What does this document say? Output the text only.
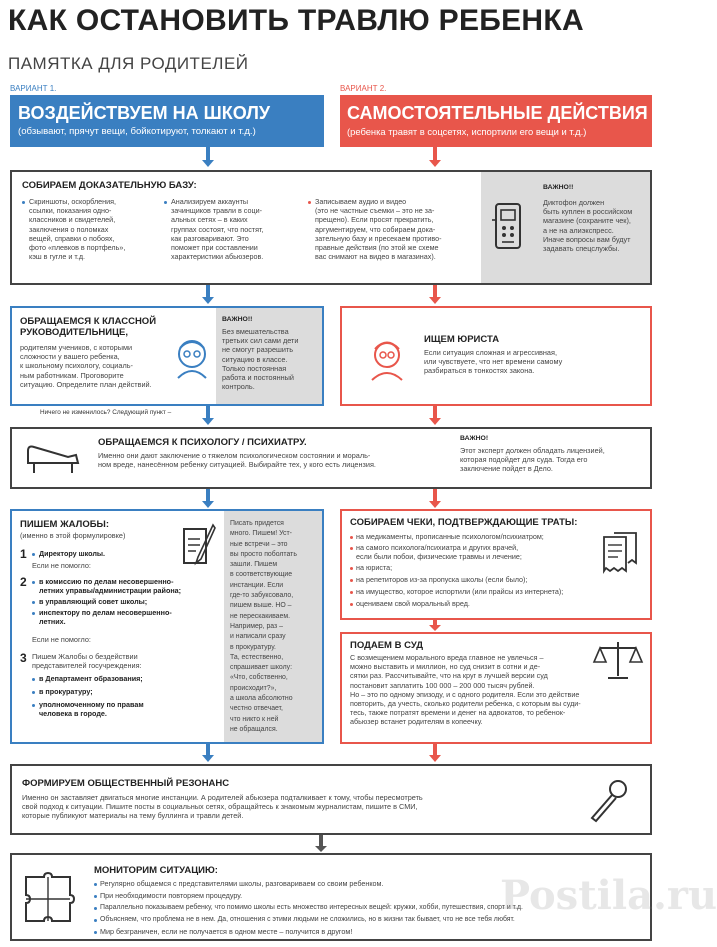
КАК ОСТАНОВИТЬ ТРАВЛЮ РЕБЕНКА
ПАМЯТКА ДЛЯ РОДИТЕЛЕЙ
ВАРИАНТ 1.
ВОЗДЕЙСТВУЕМ НА ШКОЛУ
(обзывают, прячут вещи, бойкотируют, толкают и т.д.)
ВАРИАНТ 2.
САМОСТОЯТЕЛЬНЫЕ ДЕЙСТВИЯ
(ребенка травят в соцсетях, испортили его вещи и т.д.)
СОБИРАЕМ ДОКАЗАТЕЛЬНУЮ БАЗУ:
Скриншоты, оскорбления,
ссылки, показания одно-
классников и свидетелей,
заключения о поломках
вещей, справки о побоях,
фото «плевков в портфель»,
кэш в гугле и т.д.
Анализируем аккаунты
зачинщиков травли в соци-
альных сетях – в каких
группах состоят, что постят,
как разговаривают. Это
поможет при составлении
характеристики абьюзеров.
Записываем аудио и видео
(это не частные съемки – это не за-
прещено). Если просят прекратить,
аргументируем, что собираем дока-
зательную базу и пресекаем противо-
правные действия (по этой же схеме
вас снимают на видео в магазинах).
ВАЖНО!!
Диктофон должен
быть куплен в российском
магазине (сохраните чек),
а не на алиэкспресс.
Иначе вопросы вам будут
задавать спецслужбы.
ОБРАЩАЕМСЯ К КЛАССНОЙ
РУКОВОДИТЕЛЬНИЦЕ,
родителям учеников, с которыми
сложности у вашего ребенка,
к школьному психологу, социаль-
ным работникам. Проговорите
ситуацию. Определите план действий.
ВАЖНО!!
Без вмешательства
третьих сил сами дети
не смогут разрешить
ситуацию в классе.
Только постоянная
работа и постоянный
контроль.
Ничего не изменилось? Следующий пункт –
ИЩЕМ ЮРИСТА
Если ситуация сложная и агрессивная,
или чувствуете, что нет времени самому
разбираться в тонкостях закона.
ОБРАЩАЕМСЯ К ПСИХОЛОГУ / ПСИХИАТРУ.
Именно они дают заключение о тяжелом психологическом состоянии и мораль-
ном вреде, нанесённом ребенку ситуацией. Выбирайте тех, у кого есть лицензия.
ВАЖНО!
Этот эксперт должен обладать лицензией,
которая подойдет для суда. Тогда его
заключение пойдет в Дело.
ПИШЕМ ЖАЛОБЫ:
(именно в этой формулировке)
1 Директору школы.
Если не помогло:
2 в комиссию по делам несовершенно-
летних управы/администрации района;
в управляющий совет школы;
инспектору по делам несовершенно-
летних.
Если не помогло:
3 Пишем Жалобы о бездействии
представителей госучреждения:
в Департамент образования;
в прокуратуру;
уполномоченному по правам
человека в городе.
Писать придется
много. Пишем! Уст-
ные встречи – это
вы просто поболтать
зашли. Пишем
в соответствующие
инстанции. Если
где-то забуксовало,
пишем выше. НО –
не перескакиваем.
Например, раз –
и написали сразу
в прокуратуру.
Та, естественно,
спрашивает школу:
«Что, собственно,
происходит?»,
а школа абсолютно
честно отвечает,
что никто к ней
не обращался.
СОБИРАЕМ ЧЕКИ, ПОДТВЕРЖДАЮЩИЕ ТРАТЫ:
на медикаменты, прописанные психологом/психиатром;
на самого психолога/психиатра и других врачей,
если были побои, физические травмы и лечение;
на юриста;
на репетиторов из-за пропуска школы (если было);
на имущество, которое испортили (или прайсы из интернета);
оцениваем свой моральный вред.
ПОДАЕМ В СУД
С возмещением морального вреда главное не увлечься –
можно выставить и миллион, но суд снизит в сотни и де-
сятки раз. Рассчитывайте, что на круг в лучшей версии суд
постановит заплатить 100 000 – 200 000 тысяч рублей.
Но – это по одному эпизоду, и с одного родителя. Если это действие
повторить, да учесть, сколько родители ребенка, с которым вы суди-
тесь, также потратят времени и денег на адвокатов, то ребенок-
абьюзер встанет родителям в копеечку.
ФОРМИРУЕМ ОБЩЕСТВЕННЫЙ РЕЗОНАНС
Именно он заставляет двигаться многие инстанции. А родителей абьюзера подталкивает к тому, чтобы пересмотреть
свой подход к ситуации. Пишите посты в социальных сетях, обращайтесь к знакомым журналистам, пишите в СМИ,
которые публикуют материалы на тему буллинга и травли детей.
МОНИТОРИМ СИТУАЦИЮ:
Регулярно общаемся с представителями школы, разговариваем со своим ребенком.
При необходимости повторяем процедуру.
Параллельно показываем ребенку, что помимо школы есть множество интересных вещей: кружки, хобби, путешествия, спорт и т.д.
Объясняем, что проблема не в нем. Да, отношения с этими людьми не сложились, но в жизни так бывает, что не все тебя любят.
Мир безграничен, если не получается в одном месте – получится в другом!
Postila.ru
